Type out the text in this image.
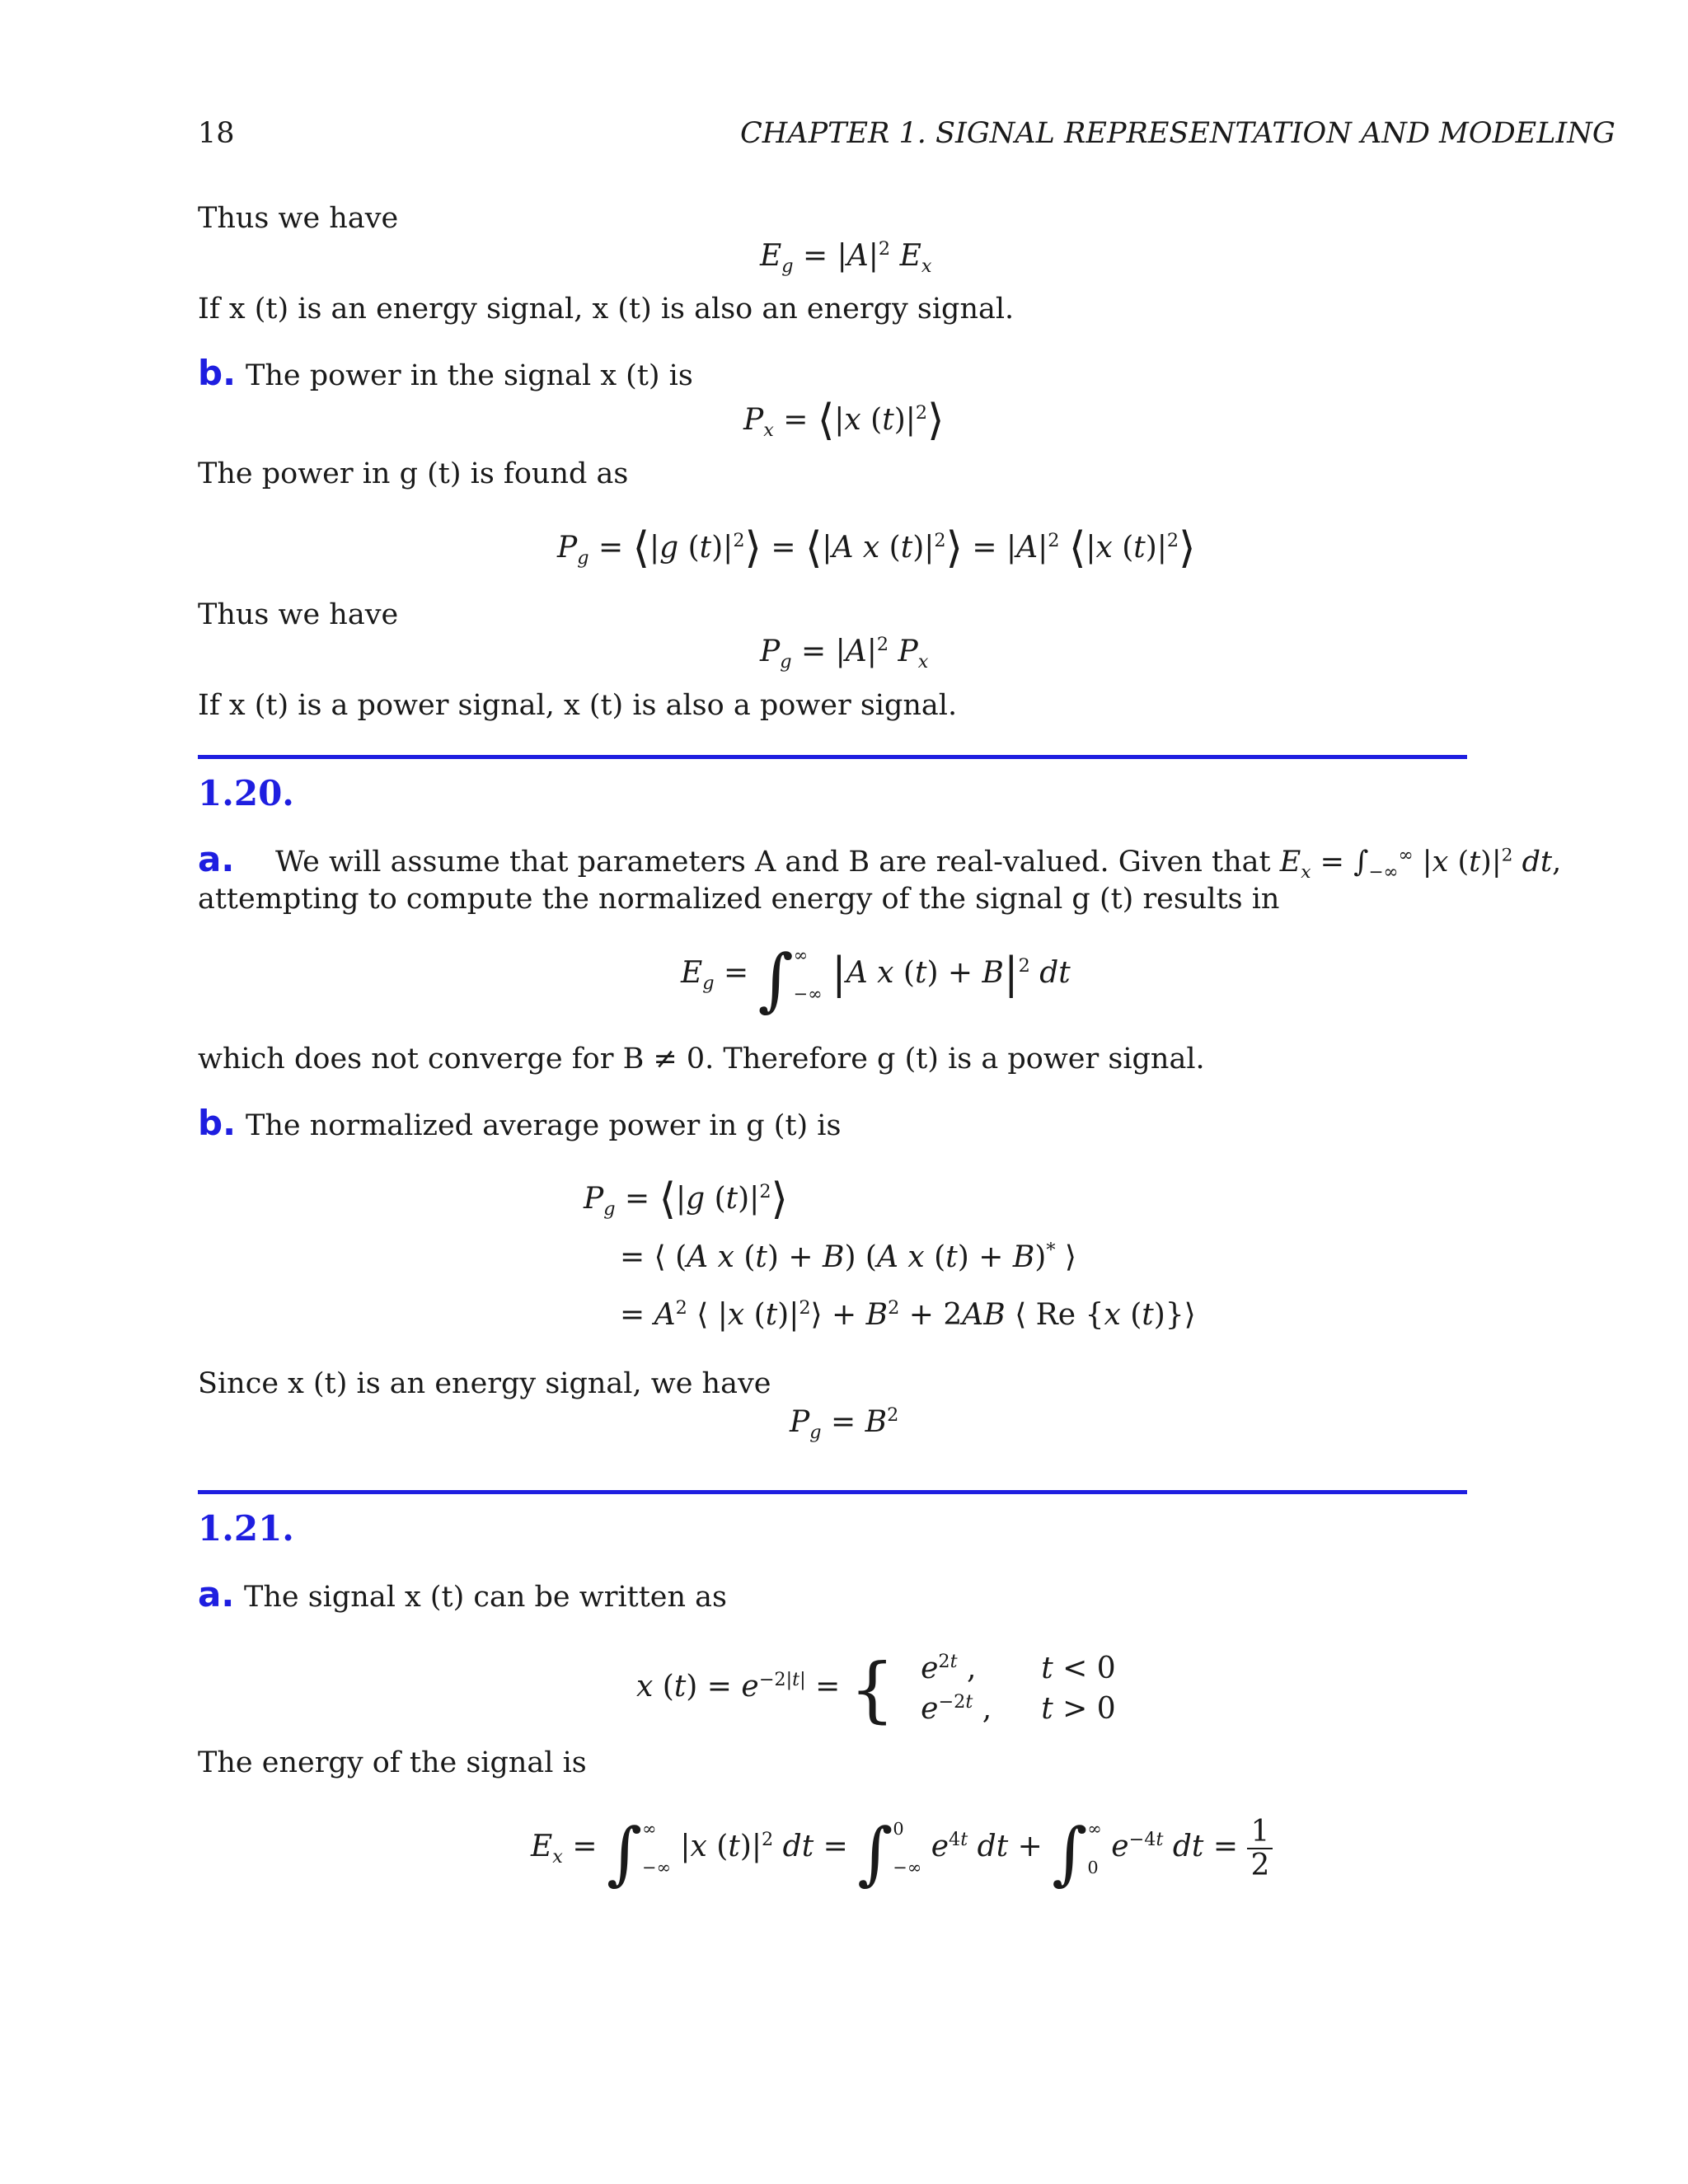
18	CHAPTER 1. SIGNAL REPRESENTATION AND MODELING
Thus we have
$E_g = |A|^2$ $E_x$
If x (t) is an energy signal, x (t) is also an energy signal.
b. The power in the signal x (t) is
$P_x$ = ⟨|x $(t)|^2⟩$
The power in g (t) is found as
$P_g$ = ⟨|g $(t)|^2⟩$ = ⟨|A x $(t)|^2⟩ = |A|^2$ ⟨|x $(t)|^2⟩$
Thus we have
$P_g = |A|^2$ $P_x$
If x (t) is a power signal, x (t) is also a power signal.
1.20.
a. We will assume that parameters A and B are real-valued. Given that $E_x = \int_{-\infty}^\infty$ |x $(t)|^2$ dt,
attempting to compute the normalized energy of the signal g (t) results in
$E_g$ = ∫ ∞
−∞ |A x $(t) + B|^2$ dt
which does not converge for B ≠ 0. Therefore g (t) is a power signal.
b. The normalized average power in g (t) is
$P_g$ = ⟨|g $(t)|^2⟩$
= ⟨ (A x (t) + B) (A x (t) + B)* ⟩
= $A^2$ ⟨ |x $(t)|^2⟩ + B^2 + 2AB$ ⟨ Re {x (t)}⟩
Since x (t) is an energy signal, we have
$P_g = B^2$
1.21.
a. The signal x (t) can be written as
x $(t) = e^{-2|t|}$ = { $e^{2t}$ ,	t < 0
$e^{-2t}$ ,	t > 0
The energy of the signal is
$E_x$ = ∫ ∞
−∞
|x $(t)|^2$ dt = ∫ 0
−∞
$e^{4t}$ dt + ∫ ∞
0
$e^{-4t}$ dt = $\frac{1}{2}$
